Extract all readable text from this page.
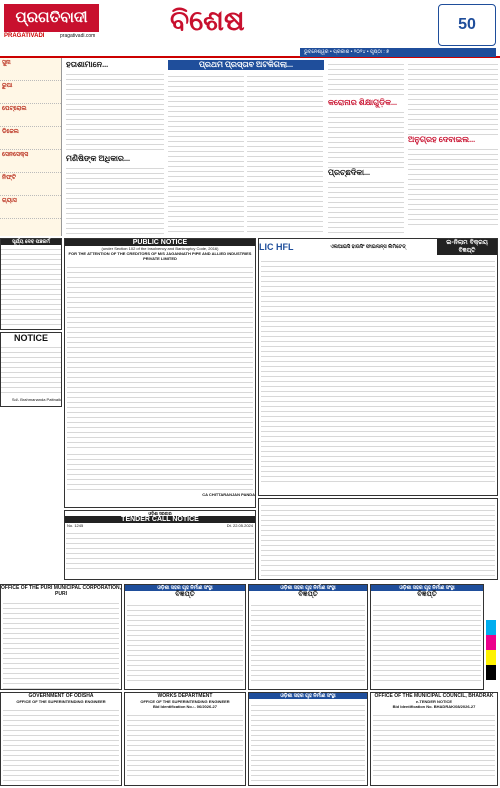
ପ୍ରଗତିବାଦୀ
PRAGATIVADI	pragativadi.com	ବିଶେଷ	50
ଭୁବନେଶ୍ୱର • ପ୍ରକାଶ • ୨୦୨୪ • ପୃଷ୍ଠା : ୭
ସୁନା
ରୁପା
ପେଟ୍ରୋଲ
ଡିଜେଲ
ସେନସେକ୍ସ
ନିଫ୍ଟି
ଗ୍ୟାସ
ହତାଶାମାନେ...
ମଣିଷିଙ୍କ ଅଧିକାର...
ପ୍ରଥମ ପ୍ରସ୍ତାବ ଅଟକିଗଲା...
କରୋନାର ଶିକ୍ଷାଗୁଡ଼ିକ...
ପ୍ରଚ୍ଛଦିକା...
ଅନୁଗ୍ରହ ଦେବାଇଲ...
ସୂର୍ଯ୍ୟ ଦେବ ପଞ୍ଚକର୍ମ
NOTICE
Sd/- Brahmananda Pattnaik
PUBLIC NOTICE
(under Section 102 of the Insolvency and Bankruptcy Code, 2016)
FOR THE ATTENTION OF THE CREDITORS OF M/S JAGANNATH PIPE AND ALLIED INDUSTRIES PRIVATE LIMITED
CA CHITTARANJAN PANDA
LIC HFL	ଏଲଆଇସି ହାଉସିଂ ଫାଇନାନ୍ସ ଲିମିଟେଡ୍
ଇ-ନିଲାମ ବିକ୍ରୟ ବିଜ୍ଞପ୍ତି
ଓଡ଼ିଶା ସରକାର
TENDER CALL NOTICE
No. 1245	Dt. 22.05.2024
OFFICE OF THE PURI MUNICIPAL CORPORATION, PURI
ଓଡ଼ିଶା ସହର ଗୃହ ନିର୍ମାଣ ସଂସ୍ଥା
ବିଜ୍ଞପ୍ତି
ଓଡ଼ିଶା ସହର ଗୃହ ନିର୍ମାଣ ସଂସ୍ଥା
ବିଜ୍ଞପ୍ତି
ଓଡ଼ିଶା ସହର ଗୃହ ନିର୍ମାଣ ସଂସ୍ଥା
ବିଜ୍ଞପ୍ତି
GOVERNMENT OF ODISHA
OFFICE OF THE SUPERINTENDING ENGINEER
WORKS DEPARTMENT
OFFICE OF THE SUPERINTENDING ENGINEER
Bid Identification No.:- 06/2026-27
ଓଡ଼ିଶା ସହର ଗୃହ ନିର୍ମାଣ ସଂସ୍ଥା	OFFICE OF THE MUNICIPAL COUNCIL, BHADRAK
e-TENDER NOTICE
Bid Identification No. BHADRAK/08/2026-27
